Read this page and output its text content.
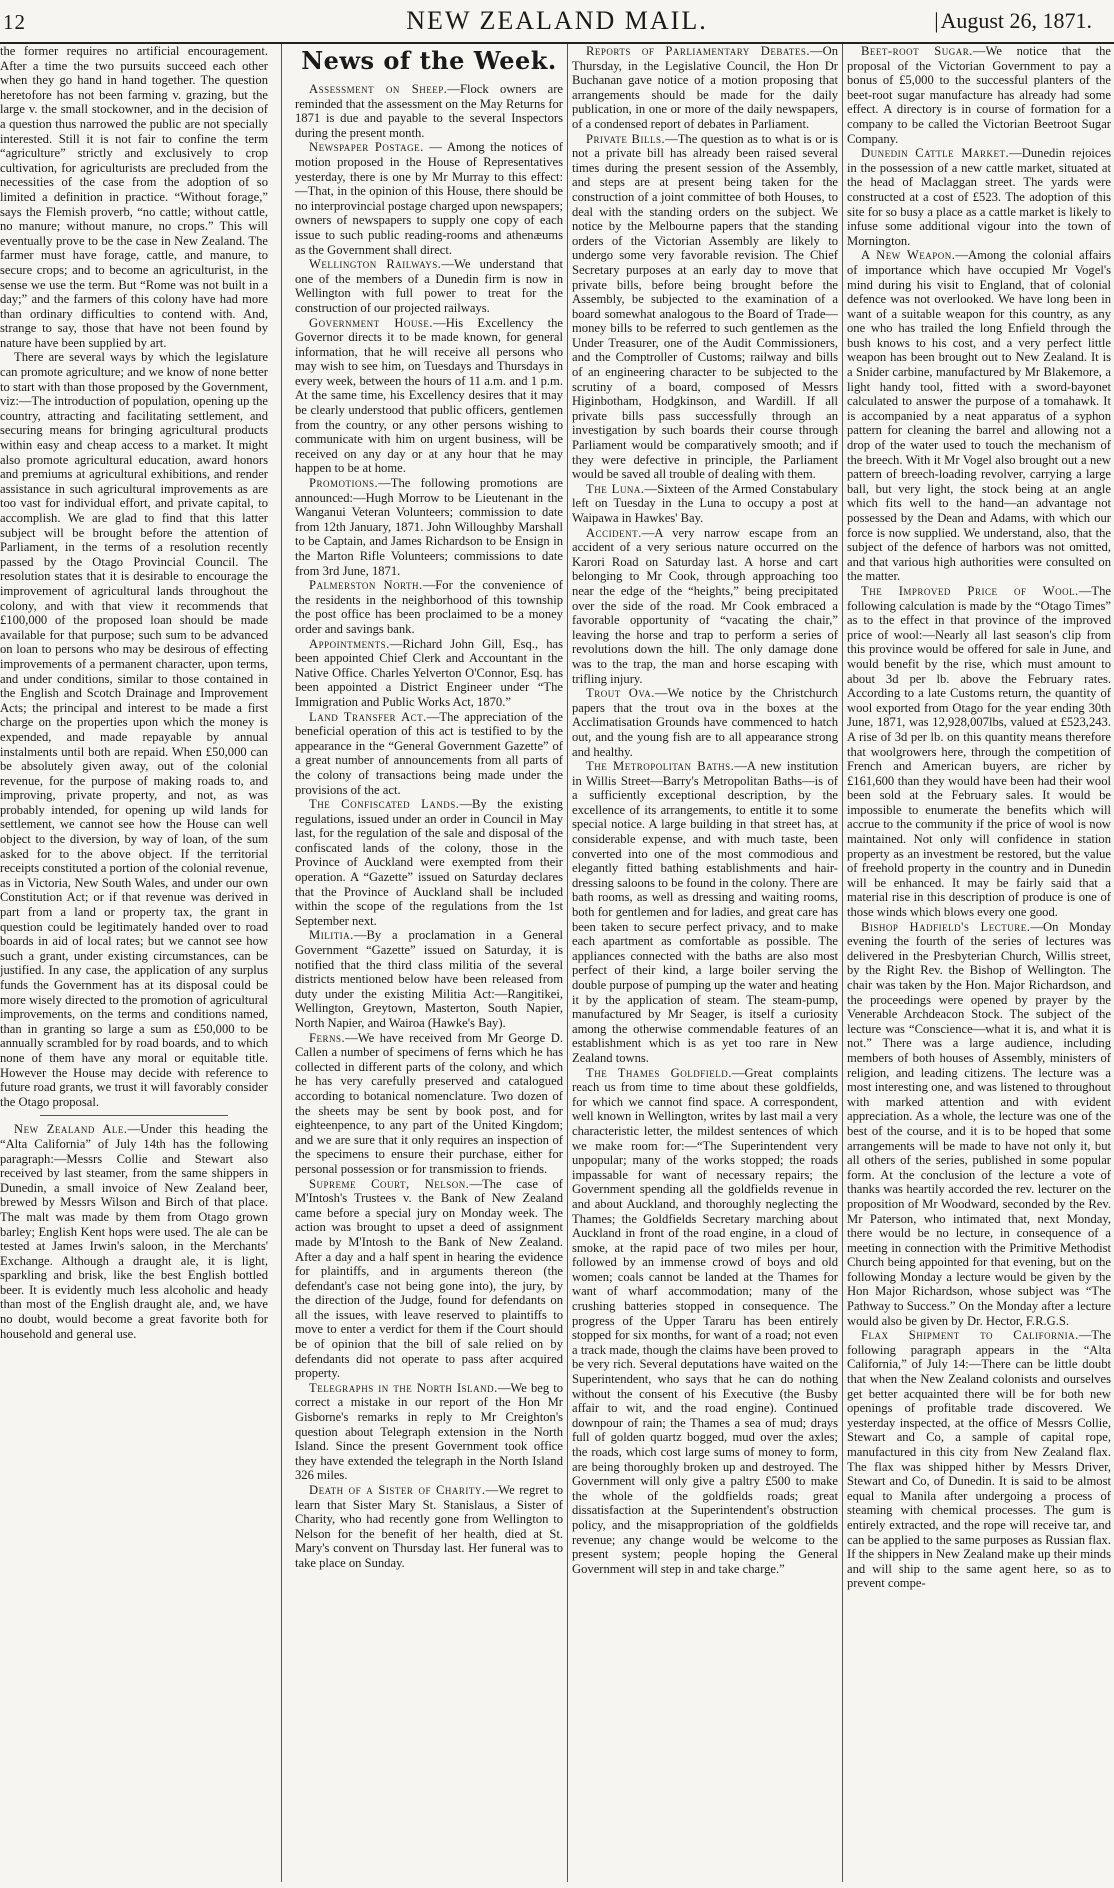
12	NEW ZEALAND MAIL.	| August 26, 1871.

the former requires no artificial encouragement. After a time the two pursuits succeed each other when they go hand in hand together. The question heretofore has not been farming v. grazing, but the large v. the small stockowner, and in the decision of a question thus narrowed the public are not specially interested. Still it is not fair to confine the term “agriculture” strictly and exclusively to crop cultivation, for agriculturists are precluded from the necessities of the case from the adoption of so limited a definition in practice. “Without forage,” says the Flemish proverb, “no cattle; without cattle, no manure; without manure, no crops.” This will eventually prove to be the case in New Zealand. The farmer must have forage, cattle, and manure, to secure crops; and to become an agriculturist, in the sense we use the term. But “Rome was not built in a day;” and the farmers of this colony have had more than ordinary difficulties to contend with. And, strange to say, those that have not been found by nature have been supplied by art.

There are several ways by which the legislature can promote agriculture; and we know of none better to start with than those proposed by the Government, viz:—The introduction of population, opening up the country, attracting and facilitating settlement, and securing means for bringing agricultural products within easy and cheap access to a market. It might also promote agricultural education, award honors and premiums at agricultural exhibitions, and render assistance in such agricultural improvements as are too vast for individual effort, and private capital, to accomplish. We are glad to find that this latter subject will be brought before the attention of Parliament, in the terms of a resolution recently passed by the Otago Provincial Council. The resolution states that it is desirable to encourage the improvement of agricultural lands throughout the colony, and with that view it recommends that £100,000 of the proposed loan should be made available for that purpose; such sum to be advanced on loan to persons who may be desirous of effecting improvements of a permanent character, upon terms, and under conditions, similar to those contained in the English and Scotch Drainage and Improvement Acts; the principal and interest to be made a first charge on the properties upon which the money is expended, and made repayable by annual instalments until both are repaid. When £50,000 can be absolutely given away, out of the colonial revenue, for the purpose of making roads to, and improving, private property, and not, as was probably intended, for opening up wild lands for settlement, we cannot see how the House can well object to the diversion, by way of loan, of the sum asked for to the above object. If the territorial receipts constituted a portion of the colonial revenue, as in Victoria, New South Wales, and under our own Constitution Act; or if that revenue was derived in part from a land or property tax, the grant in question could be legitimately handed over to road boards in aid of local rates; but we cannot see how such a grant, under existing circumstances, can be justified. In any case, the application of any surplus funds the Government has at its disposal could be more wisely directed to the promotion of agricultural improvements, on the terms and conditions named, than in granting so large a sum as £50,000 to be annually scrambled for by road boards, and to which none of them have any moral or equitable title. However the House may decide with reference to future road grants, we trust it will favorably consider the Otago proposal.

New Zealand Ale.—Under this heading the “Alta California” of July 14th has the following paragraph:—Messrs Collie and Stewart also received by last steamer, from the same shippers in Dunedin, a small invoice of New Zealand beer, brewed by Messrs Wilson and Birch of that place. The malt was made by them from Otago grown barley; English Kent hops were used. The ale can be tested at James Irwin's saloon, in the Merchants' Exchange. Although a draught ale, it is light, sparkling and brisk, like the best English bottled beer. It is evidently much less alcoholic and heady than most of the English draught ale, and, we have no doubt, would become a great favorite both for household and general use.

News of the Week.

Assessment on Sheep.—Flock owners are reminded that the assessment on the May Returns for 1871 is due and payable to the several Inspectors during the present month.

Newspaper Postage. — Among the notices of motion proposed in the House of Representatives yesterday, there is one by Mr Murray to this effect:—That, in the opinion of this House, there should be no interprovincial postage charged upon newspapers; owners of newspapers to supply one copy of each issue to such public reading-rooms and athenæums as the Government shall direct.

Wellington Railways.—We understand that one of the members of a Dunedin firm is now in Wellington with full power to treat for the construction of our projected railways.

Government House.—His Excellency the Governor directs it to be made known, for general information, that he will receive all persons who may wish to see him, on Tuesdays and Thursdays in every week, between the hours of 11 a.m. and 1 p.m. At the same time, his Excellency desires that it may be clearly understood that public officers, gentlemen from the country, or any other persons wishing to communicate with him on urgent business, will be received on any day or at any hour that he may happen to be at home.

Promotions.—The following promotions are announced:—Hugh Morrow to be Lieutenant in the Wanganui Veteran Volunteers; commission to date from 12th January, 1871. John Willoughby Marshall to be Captain, and James Richardson to be Ensign in the Marton Rifle Volunteers; commissions to date from 3rd June, 1871.

Palmerston North.—For the convenience of the residents in the neighborhood of this township the post office has been proclaimed to be a money order and savings bank.

Appointments.—Richard John Gill, Esq., has been appointed Chief Clerk and Accountant in the Native Office. Charles Yelverton O'Connor, Esq. has been appointed a District Engineer under “The Immigration and Public Works Act, 1870.”

Land Transfer Act.—The appreciation of the beneficial operation of this act is testified to by the appearance in the “General Government Gazette” of a great number of announcements from all parts of the colony of transactions being made under the provisions of the act.

The Confiscated Lands.—By the existing regulations, issued under an order in Council in May last, for the regulation of the sale and disposal of the confiscated lands of the colony, those in the Province of Auckland were exempted from their operation. A “Gazette” issued on Saturday declares that the Province of Auckland shall be included within the scope of the regulations from the 1st September next.

Militia.—By a proclamation in a General Government “Gazette” issued on Saturday, it is notified that the third class militia of the several districts mentioned below have been released from duty under the existing Militia Act:—Rangitikei, Wellington, Greytown, Masterton, South Napier, North Napier, and Wairoa (Hawke's Bay).

Ferns.—We have received from Mr George D. Callen a number of specimens of ferns which he has collected in different parts of the colony, and which he has very carefully preserved and catalogued according to botanical nomenclature. Two dozen of the sheets may be sent by book post, and for eighteenpence, to any part of the United Kingdom; and we are sure that it only requires an inspection of the specimens to ensure their purchase, either for personal possession or for transmission to friends.

Supreme Court, Nelson.—The case of M'Intosh's Trustees v. the Bank of New Zealand came before a special jury on Monday week. The action was brought to upset a deed of assignment made by M'Intosh to the Bank of New Zealand. After a day and a half spent in hearing the evidence for plaintiffs, and in arguments thereon (the defendant's case not being gone into), the jury, by the direction of the Judge, found for defendants on all the issues, with leave reserved to plaintiffs to move to enter a verdict for them if the Court should be of opinion that the bill of sale relied on by defendants did not operate to pass after acquired property.

Telegraphs in the North Island.—We beg to correct a mistake in our report of the Hon Mr Gisborne's remarks in reply to Mr Creighton's question about Telegraph extension in the North Island. Since the present Government took office they have extended the telegraph in the North Island 326 miles.

Death of a Sister of Charity.—We regret to learn that Sister Mary St. Stanislaus, a Sister of Charity, who had recently gone from Wellington to Nelson for the benefit of her health, died at St. Mary's convent on Thursday last. Her funeral was to take place on Sunday.

Reports of Parliamentary Debates.—On Thursday, in the Legislative Council, the Hon Dr Buchanan gave notice of a motion proposing that arrangements should be made for the daily publication, in one or more of the daily newspapers, of a condensed report of debates in Parliament.

Private Bills.—The question as to what is or is not a private bill has already been raised several times during the present session of the Assembly, and steps are at present being taken for the construction of a joint committee of both Houses, to deal with the standing orders on the subject. We notice by the Melbourne papers that the standing orders of the Victorian Assembly are likely to undergo some very favorable revision. The Chief Secretary purposes at an early day to move that private bills, before being brought before the Assembly, be subjected to the examination of a board somewhat analogous to the Board of Trade—money bills to be referred to such gentlemen as the Under Treasurer, one of the Audit Commissioners, and the Comptroller of Customs; railway and bills of an engineering character to be subjected to the scrutiny of a board, composed of Messrs Higinbotham, Hodgkinson, and Wardill. If all private bills pass successfully through an investigation by such boards their course through Parliament would be comparatively smooth; and if they were defective in principle, the Parliament would be saved all trouble of dealing with them.

The Luna.—Sixteen of the Armed Constabulary left on Tuesday in the Luna to occupy a post at Waipawa in Hawkes' Bay.

Accident.—A very narrow escape from an accident of a very serious nature occurred on the Karori Road on Saturday last. A horse and cart belonging to Mr Cook, through approaching too near the edge of the “heights,” being precipitated over the side of the road. Mr Cook embraced a favorable opportunity of “vacating the chair,” leaving the horse and trap to perform a series of revolutions down the hill. The only damage done was to the trap, the man and horse escaping with trifling injury.

Trout Ova.—We notice by the Christchurch papers that the trout ova in the boxes at the Acclimatisation Grounds have commenced to hatch out, and the young fish are to all appearance strong and healthy.

The Metropolitan Baths.—A new institution in Willis Street—Barry's Metropolitan Baths—is of a sufficiently exceptional description, by the excellence of its arrangements, to entitle it to some special notice. A large building in that street has, at considerable expense, and with much taste, been converted into one of the most commodious and elegantly fitted bathing establishments and hair-dressing saloons to be found in the colony. There are bath rooms, as well as dressing and waiting rooms, both for gentlemen and for ladies, and great care has been taken to secure perfect privacy, and to make each apartment as comfortable as possible. The appliances connected with the baths are also most perfect of their kind, a large boiler serving the double purpose of pumping up the water and heating it by the application of steam. The steam-pump, manufactured by Mr Seager, is itself a curiosity among the otherwise commendable features of an establishment which is as yet too rare in New Zealand towns.

The Thames Goldfield.—Great complaints reach us from time to time about these goldfields, for which we cannot find space. A correspondent, well known in Wellington, writes by last mail a very characteristic letter, the mildest sentences of which we make room for:—“The Superintendent very unpopular; many of the works stopped; the roads impassable for want of necessary repairs; the Government spending all the goldfields revenue in and about Auckland, and thoroughly neglecting the Thames; the Goldfields Secretary marching about Auckland in front of the road engine, in a cloud of smoke, at the rapid pace of two miles per hour, followed by an immense crowd of boys and old women; coals cannot be landed at the Thames for want of wharf accommodation; many of the crushing batteries stopped in consequence. The progress of the Upper Tararu has been entirely stopped for six months, for want of a road; not even a track made, though the claims have been proved to be very rich. Several deputations have waited on the Superintendent, who says that he can do nothing without the consent of his Executive (the Busby affair to wit, and the road engine). Continued downpour of rain; the Thames a sea of mud; drays full of golden quartz bogged, mud over the axles; the roads, which cost large sums of money to form, are being thoroughly broken up and destroyed. The Government will only give a paltry £500 to make the whole of the goldfields roads; great dissatisfaction at the Superintendent's obstruction policy, and the misappropriation of the goldfields revenue; any change would be welcome to the present system; people hoping the General Government will step in and take charge.”

Beet-root Sugar.—We notice that the proposal of the Victorian Government to pay a bonus of £5,000 to the successful planters of the beet-root sugar manufacture has already had some effect. A directory is in course of formation for a company to be called the Victorian Beetroot Sugar Company.

Dunedin Cattle Market.—Dunedin rejoices in the possession of a new cattle market, situated at the head of Maclaggan street. The yards were constructed at a cost of £523. The adoption of this site for so busy a place as a cattle market is likely to infuse some additional vigour into the town of Mornington.

A New Weapon.—Among the colonial affairs of importance which have occupied Mr Vogel's mind during his visit to England, that of colonial defence was not overlooked. We have long been in want of a suitable weapon for this country, as any one who has trailed the long Enfield through the bush knows to his cost, and a very perfect little weapon has been brought out to New Zealand. It is a Snider carbine, manufactured by Mr Blakemore, a light handy tool, fitted with a sword-bayonet calculated to answer the purpose of a tomahawk. It is accompanied by a neat apparatus of a syphon pattern for cleaning the barrel and allowing not a drop of the water used to touch the mechanism of the breech. With it Mr Vogel also brought out a new pattern of breech-loading revolver, carrying a large ball, but very light, the stock being at an angle which fits well to the hand—an advantage not possessed by the Dean and Adams, with which our force is now supplied. We understand, also, that the subject of the defence of harbors was not omitted, and that various high authorities were consulted on the matter.

The Improved Price of Wool.—The following calculation is made by the “Otago Times” as to the effect in that province of the improved price of wool:—Nearly all last season's clip from this province would be offered for sale in June, and would benefit by the rise, which must amount to about 3d per lb. above the February rates. According to a late Customs return, the quantity of wool exported from Otago for the year ending 30th June, 1871, was 12,928,007lbs, valued at £523,243. A rise of 3d per lb. on this quantity means therefore that woolgrowers here, through the competition of French and American buyers, are richer by £161,600 than they would have been had their wool been sold at the February sales. It would be impossible to enumerate the benefits which will accrue to the community if the price of wool is now maintained. Not only will confidence in station property as an investment be restored, but the value of freehold property in the country and in Dunedin will be enhanced. It may be fairly said that a material rise in this description of produce is one of those winds which blows every one good.

Bishop Hadfield's Lecture.—On Monday evening the fourth of the series of lectures was delivered in the Presbyterian Church, Willis street, by the Right Rev. the Bishop of Wellington. The chair was taken by the Hon. Major Richardson, and the proceedings were opened by prayer by the Venerable Archdeacon Stock. The subject of the lecture was “Conscience—what it is, and what it is not.” There was a large audience, including members of both houses of Assembly, ministers of religion, and leading citizens. The lecture was a most interesting one, and was listened to throughout with marked attention and with evident appreciation. As a whole, the lecture was one of the best of the course, and it is to be hoped that some arrangements will be made to have not only it, but all others of the series, published in some popular form. At the conclusion of the lecture a vote of thanks was heartily accorded the rev. lecturer on the proposition of Mr Woodward, seconded by the Rev. Mr Paterson, who intimated that, next Monday, there would be no lecture, in consequence of a meeting in connection with the Primitive Methodist Church being appointed for that evening, but on the following Monday a lecture would be given by the Hon Major Richardson, whose subject was “The Pathway to Success.” On the Monday after a lecture would also be given by Dr. Hector, F.R.G.S.

Flax Shipment to California.—The following paragraph appears in the “Alta California,” of July 14:—There can be little doubt that when the New Zealand colonists and ourselves get better acquainted there will be for both new openings of profitable trade discovered. We yesterday inspected, at the office of Messrs Collie, Stewart and Co, a sample of capital rope, manufactured in this city from New Zealand flax. The flax was shipped hither by Messrs Driver, Stewart and Co, of Dunedin. It is said to be almost equal to Manila after undergoing a process of steaming with chemical processes. The gum is entirely extracted, and the rope will receive tar, and can be applied to the same purposes as Russian flax. If the shippers in New Zealand make up their minds and will ship to the same agent here, so as to prevent compe-
